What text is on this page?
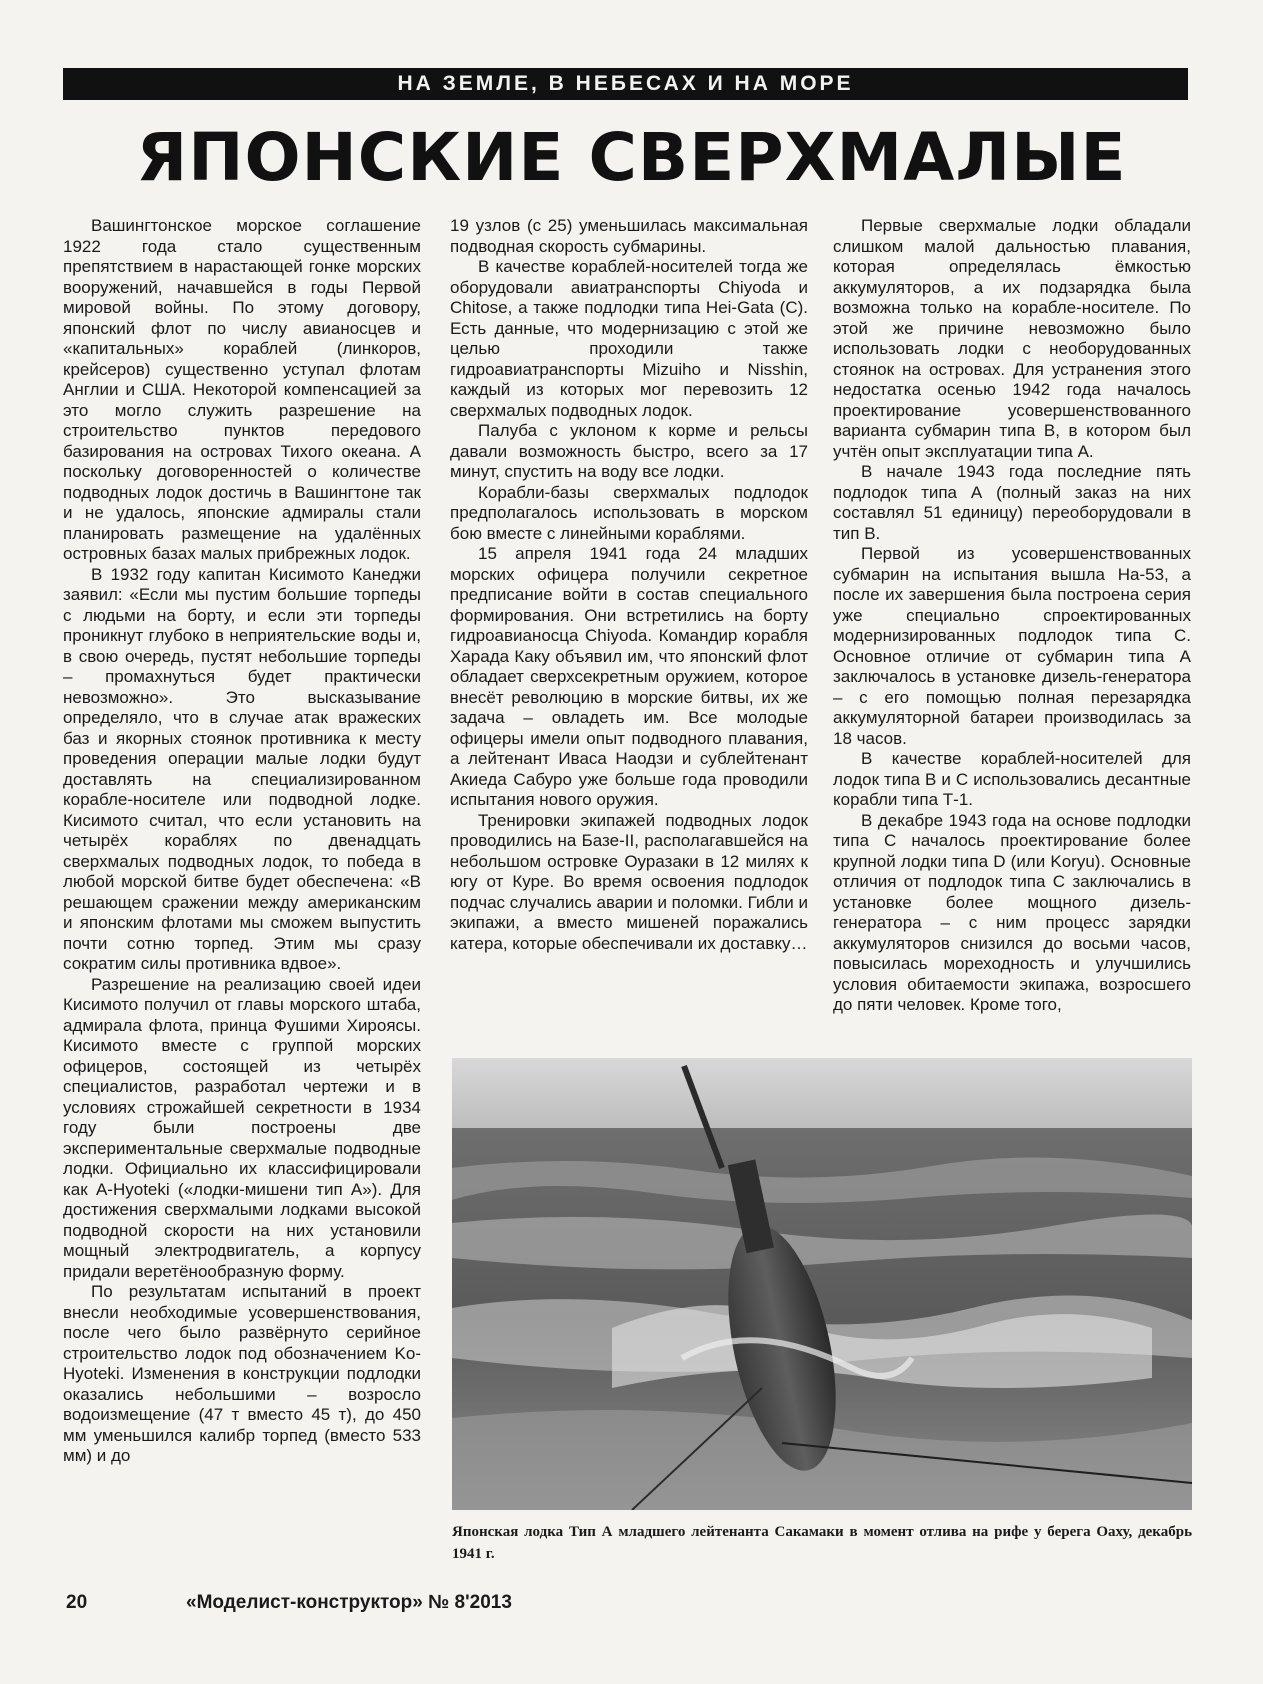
НА ЗЕМЛЕ, В НЕБЕСАХ И НА МОРЕ
ЯПОНСКИЕ СВЕРХМАЛЫЕ

Вашингтонское морское соглашение 1922 года стало существенным препятствием в нарастающей гонке морских вооружений, начавшейся в годы Первой мировой войны. По этому договору, японский флот по числу авианосцев и «капитальных» кораблей (линкоров, крейсеров) существенно уступал флотам Англии и США. Некоторой компенсацией за это могло служить разрешение на строительство пунктов передового базирования на островах Тихого океана. А поскольку договоренностей о количестве подводных лодок достичь в Вашингтоне так и не удалось, японские адмиралы стали планировать размещение на удалённых островных базах малых прибрежных лодок.

В 1932 году капитан Кисимото Канеджи заявил: «Если мы пустим большие торпеды с людьми на борту, и если эти торпеды проникнут глубоко в неприятельские воды и, в свою очередь, пустят небольшие торпеды – промахнуться будет практически невозможно». Это высказывание определяло, что в случае атак вражеских баз и якорных стоянок противника к месту проведения операции малые лодки будут доставлять на специализированном корабле-носителе или подводной лодке. Кисимото считал, что если установить на четырёх кораблях по двенадцать сверхмалых подводных лодок, то победа в любой морской битве будет обеспечена: «В решающем сражении между американским и японским флотами мы сможем выпустить почти сотню торпед. Этим мы сразу сократим силы противника вдвое».

Разрешение на реализацию своей идеи Кисимото получил от главы морского штаба, адмирала флота, принца Фушими Хироясы. Кисимото вместе с группой морских офицеров, состоящей из четырёх специалистов, разработал чертежи и в условиях строжайшей секретности в 1934 году были построены две экспериментальные сверхмалые подводные лодки. Официально их классифицировали как A-Hyoteki («лодки-мишени тип А»). Для достижения сверхмалыми лодками высокой подводной скорости на них установили мощный электродвигатель, а корпусу придали веретёнообразную форму.

По результатам испытаний в проект внесли необходимые усовершенствования, после чего было развёрнуто серийное строительство лодок под обозначением Ko-Hyoteki. Изменения в конструкции подлодки оказались небольшими – возросло водоизмещение (47 т вместо 45 т), до 450 мм уменьшился калибр торпед (вместо 533 мм) и до

19 узлов (с 25) уменьшилась максимальная подводная скорость субмарины.

В качестве кораблей-носителей тогда же оборудовали авиатранспорты Chiyoda и Chitose, а также подлодки типа Hei-Gata (С). Есть данные, что модернизацию с этой же целью проходили также гидроавиатранспорты Mizuiho и Nisshin, каждый из которых мог перевозить 12 сверхмалых подводных лодок.

Палуба с уклоном к корме и рельсы давали возможность быстро, всего за 17 минут, спустить на воду все лодки.

Корабли-базы сверхмалых подлодок предполагалось использовать в морском бою вместе с линейными кораблями.

15 апреля 1941 года 24 младших морских офицера получили секретное предписание войти в состав специального формирования. Они встретились на борту гидроавианосца Chiyoda. Командир корабля Харада Каку объявил им, что японский флот обладает сверхсекретным оружием, которое внесёт революцию в морские битвы, их же задача – овладеть им. Все молодые офицеры имели опыт подводного плавания, а лейтенант Иваса Наодзи и сублейтенант Акиеда Сабуро уже больше года проводили испытания нового оружия.

Тренировки экипажей подводных лодок проводились на Базе-II, располагавшейся на небольшом островке Оуразаки в 12 милях к югу от Куре. Во время освоения подлодок подчас случались аварии и поломки. Гибли и экипажи, а вместо мишеней поражались катера, которые обеспечивали их доставку…

Первые сверхмалые лодки обладали слишком малой дальностью плавания, которая определялась ёмкостью аккумуляторов, а их подзарядка была возможна только на корабле-носителе. По этой же причине невозможно было использовать лодки с необорудованных стоянок на островах. Для устранения этого недостатка осенью 1942 года началось проектирование усовершенствованного варианта субмарин типа В, в котором был учтён опыт эксплуатации типа А.

В начале 1943 года последние пять подлодок типа А (полный заказ на них составлял 51 единицу) переоборудовали в тип В.

Первой из усовершенствованных субмарин на испытания вышла На-53, а после их завершения была построена серия уже специально спроектированных модернизированных подлодок типа С. Основное отличие от субмарин типа А заключалось в установке дизель-генератора – с его помощью полная перезарядка аккумуляторной батареи производилась за 18 часов.

В качестве кораблей-носителей для лодок типа В и С использовались десантные корабли типа Т-1.

В декабре 1943 года на основе подлодки типа С началось проектирование более крупной лодки типа D (или Koryu). Основные отличия от подлодок типа С заключались в установке более мощного дизель-генератора – с ним процесс зарядки аккумуляторов снизился до восьми часов, повысилась мореходность и улучшились условия обитаемости экипажа, возросшего до пяти человек. Кроме того,

Японская лодка Тип А младшего лейтенанта Сакамаки в момент отлива на рифе у берега Оаху, декабрь 1941 г.
20	«Моделист-конструктор» № 8'2013
